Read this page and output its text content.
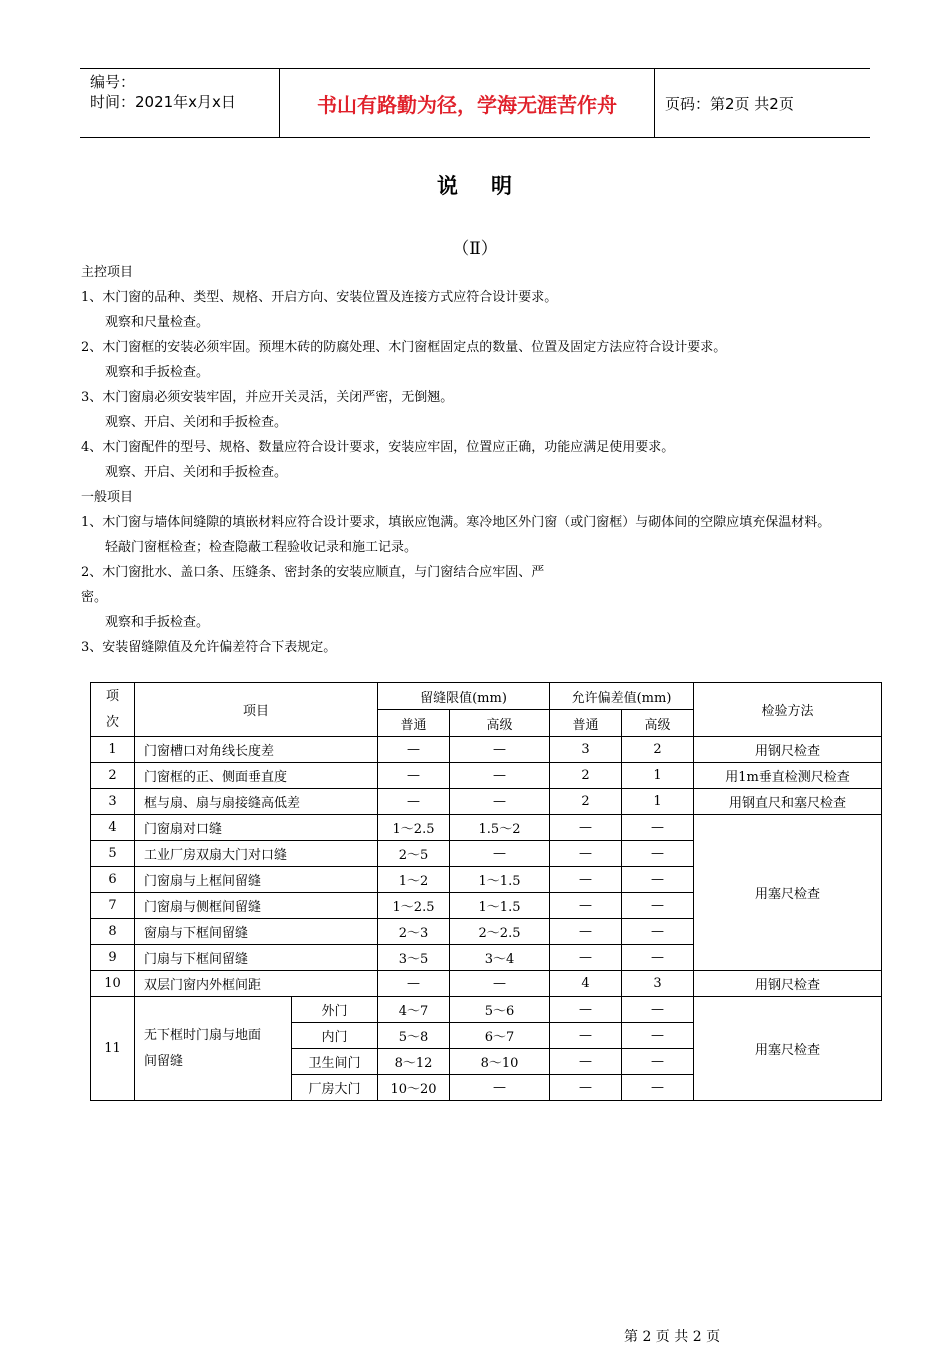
编号：
时间：2021年x月x日	书山有路勤为径，学海无涯苦作舟	页码：第2页 共2页
说 明
（Ⅱ）

主控项目

1、木门窗的品种、类型、规格、开启方向、安装位置及连接方式应符合设计要求。

观察和尺量检查。

2、木门窗框的安装必须牢固。预埋木砖的防腐处理、木门窗框固定点的数量、位置及固定方法应符合设计要求。

观察和手扳检查。

3、木门窗扇必须安装牢固，并应开关灵活，关闭严密，无倒翘。

观察、开启、关闭和手扳检查。

4、木门窗配件的型号、规格、数量应符合设计要求，安装应牢固，位置应正确，功能应满足使用要求。

观察、开启、关闭和手扳检查。

一般项目

1、木门窗与墙体间缝隙的填嵌材料应符合设计要求，填嵌应饱满。寒冷地区外门窗（或门窗框）与砌体间的空隙应填充保温材料。

轻敲门窗框检查；检查隐蔽工程验收记录和施工记录。

2、木门窗批水、盖口条、压缝条、密封条的安装应顺直，与门窗结合应牢固、严

密。

观察和手扳检查。

3、安装留缝隙值及允许偏差符合下表规定。

项
次	项目		留缝限值(mm)		允许偏差值(mm)		检验方法
			普通	高级	普通	高级	
1	门窗槽口对角线长度差		—	—	3	2	用钢尺检查
2	门窗框的正、侧面垂直度		—	—	2	1	用1m垂直检测尺检查
3	框与扇、扇与扇接缝高低差		—	—	2	1	用钢直尺和塞尺检查
4	门窗扇对口缝		1～2.5	1.5～2	—	—	用塞尺检查
5	工业厂房双扇大门对口缝		2～5	—	—	—	
6	门窗扇与上框间留缝		1～2	1～1.5	—	—	
7	门窗扇与侧框间留缝		1～2.5	1～1.5	—	—	
8	窗扇与下框间留缝		2～3	2～2.5	—	—	
9	门扇与下框间留缝		3～5	3～4	—	—	
10	双层门窗内外框间距		—	—	4	3	用钢尺检查
11	无下框时门扇与地面
间留缝	外门	4～7	5～6	—	—	用塞尺检查
		内门	5～8	6～7	—	—	
		卫生间门	8～12	8～10	—	—	
		厂房大门	10～20	—	—	—	
第 2 页 共 2 页
